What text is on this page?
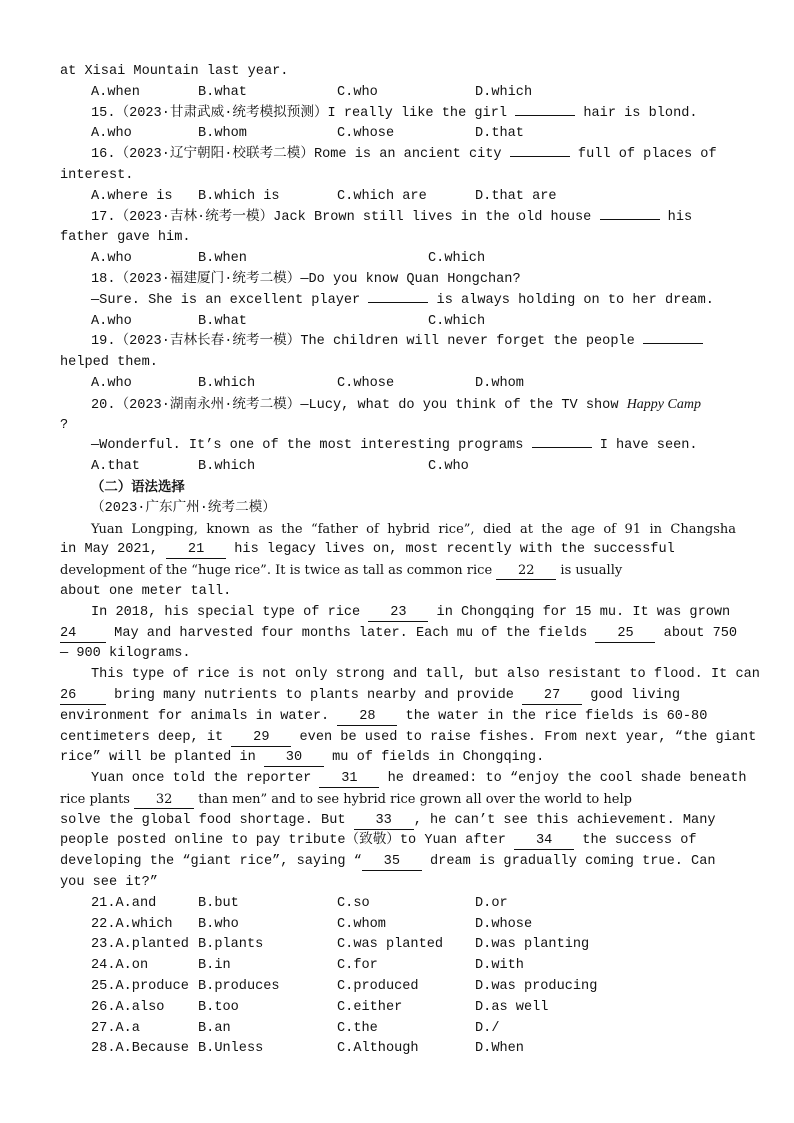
at Xisai Mountain last year.
A.when	B.what	C.who	D.which
15.（2023·甘肃武威·统考模拟预测）I really like the girl	hair is blond.
A.who	B.whom	C.whose	D.that
16.（2023·辽宁朝阳·校联考二模）Rome is an ancient city	full of places of
interest.
A.where is B.which is	C.which are	D.that are
17.（2023·吉林·统考一模）Jack Brown still lives in the old house	his
father gave him.
A.who	B.when	C.which
18.（2023·福建厦门·统考二模）—Do you know Quan Hongchan?
—Sure. She is an excellent player	is always holding on to her dream.
A.who	B.what	C.which
19.（2023·吉林长春·统考一模）The children will never forget the people
helped them.
A.who	B.which	C.whose	D.whom
20.（2023·湖南永州·统考二模）—Lucy, what do you think of the TV show Happy Camp
?
—Wonderful. It’s one of the most interesting programs	I have seen.
A.that	B.which	C.who
（二）语法选择
（2023·广东广州·统考二模）
Yuan Longping, known as the “father of hybrid rice”, died at the age of 91 in Changsha
in May 2021, 21 his legacy lives on, most recently with the successful
development of the “huge rice”. It is twice as tall as common rice 22 is usually
about one meter tall.
In 2018, his special type of rice 23 in Chongqing for 15 mu. It was grown
24	May and harvested four months later. Each mu of the fields 25 about 750
— 900 kilograms.
This type of rice is not only strong and tall, but also resistant to flood. It can
26	bring many nutrients to plants nearby and provide 27 good living
environment for animals in water. 28 the water in the rice fields is 60-80
centimeters deep, it 29 even be used to raise fishes. From next year, “the giant
rice” will be planted in 30 mu of fields in Chongqing.
Yuan once told the reporter 31 he dreamed: to “enjoy the cool shade beneath
rice plants 32 than men” and to see hybrid rice grown all over the world to help
solve the global food shortage. But 33 , he can’t see this achievement. Many
people posted online to pay tribute（致敬）to Yuan after 34 the success of
developing the “giant rice”, saying “ 35 dream is gradually coming true. Can
you see it?”
21.A.and	B.but	C.so	D.or
22.A.which B.who	C.whom	D.whose
23.A.planted B.plants	C.was planted D.was planting
24.A.on	B.in	C.for	D.with
25.A.produce B.produces	C.produced	D.was producing
26.A.also B.too	C.either	D.as well
27.A.a	B.an	C.the	D./
28.A.Because B.Unless	C.Although	D.When
